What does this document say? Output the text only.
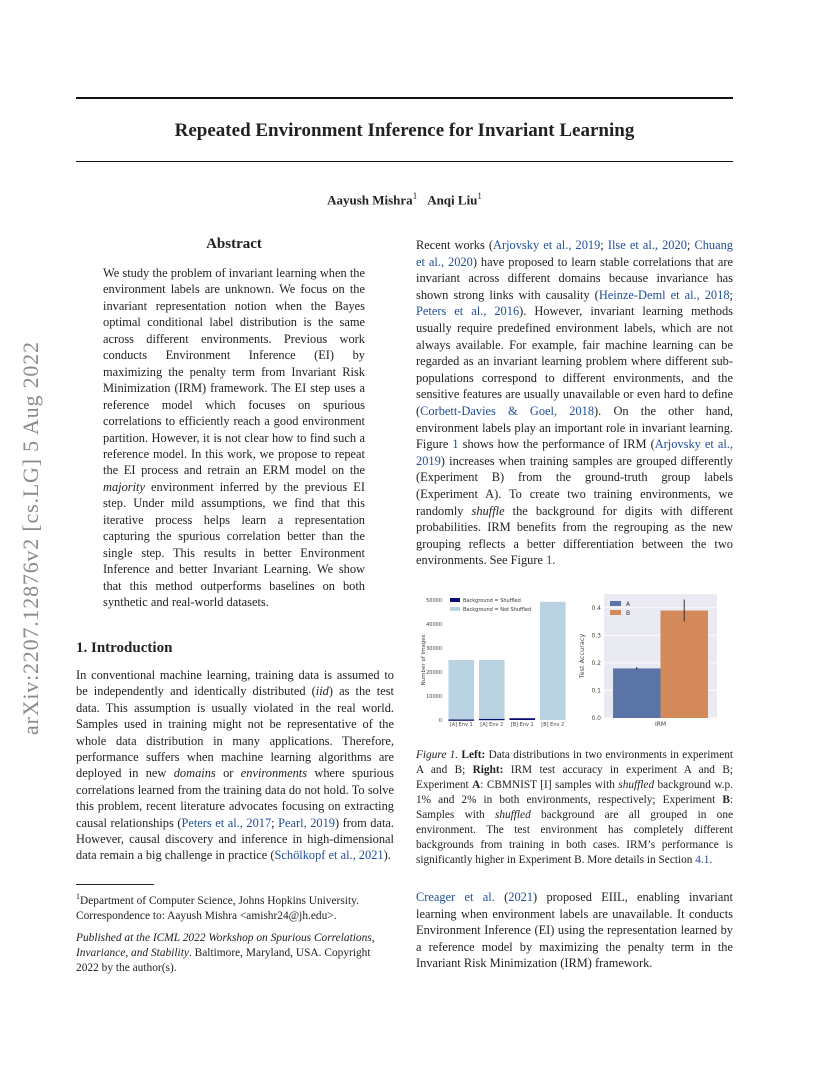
Repeated Environment Inference for Invariant Learning
Aayush Mishra$^1$ Anqi Liu$^1$
arXiv:2207.12876v2 [cs.LG] 5 Aug 2022
Abstract

We study the problem of invariant learning when the environment labels are unknown. We focus on the invariant representation notion when the Bayes optimal conditional label distribution is the same across different environments. Previous work conducts Environment Inference (EI) by maximizing the penalty term from Invariant Risk Minimization (IRM) framework. The EI step uses a reference model which focuses on spurious correlations to efficiently reach a good environment partition. However, it is not clear how to find such a reference model. In this work, we propose to repeat the EI process and retrain an ERM model on the majority environment inferred by the previous EI step. Under mild assumptions, we find that this iterative process helps learn a representation capturing the spurious correlation better than the single step. This results in better Environment Inference and better Invariant Learning. We show that this method outperforms baselines on both synthetic and real-world datasets.

1. Introduction

In conventional machine learning, training data is assumed to be independently and identically distributed (iid) as the test data. This assumption is usually violated in the real world. Samples used in training might not be representative of the whole data distribution in many applications. Therefore, performance suffers when machine learning algorithms are deployed in new domains or environments where spurious correlations learned from the training data do not hold. To solve this problem, recent literature advocates focusing on extracting causal relationships (Peters et al., 2017; Pearl, 2019) from data. However, causal discovery and inference in high-dimensional data remain a big challenge in practice (Schölkopf et al., 2021).

$^1$Department of Computer Science, Johns Hopkins University. Correspondence to: Aayush Mishra <amishr24@jh.edu>.

Published at the ICML 2022 Workshop on Spurious Correlations, Invariance, and Stability. Baltimore, Maryland, USA. Copyright 2022 by the author(s).

Recent works (Arjovsky et al., 2019; Ilse et al., 2020; Chuang et al., 2020) have proposed to learn stable correlations that are invariant across different domains because invariance has shown strong links with causality (Heinze-Deml et al., 2018; Peters et al., 2016). However, invariant learning methods usually require predefined environment labels, which are not always available. For example, fair machine learning can be regarded as an invariant learning problem where different sub-populations correspond to different environments, and the sensitive features are usually unavailable or even hard to define (Corbett-Davies & Goel, 2018). On the other hand, environment labels play an important role in invariant learning. Figure 1 shows how the performance of IRM (Arjovsky et al., 2019) increases when training samples are grouped differently (Experiment B) from the ground-truth group labels (Experiment A). To create two training environments, we randomly shuffle the background for digits with different probabilities. IRM benefits from the regrouping as the new grouping reflects a better differentiation between the two environments. See Figure 1.

0
10000
20000
30000
40000
50000
Number of Images
[A] Env 1 [A] Env 2 [B] Env 1 [B] Env 2
Background = Shuffled
Background = Not Shuffled
0.0
0.1
0.2
0.3
0.4
Test Accuracy
IRM
A
B

Figure 1. Left: Data distributions in two environments in experiment A and B; Right: IRM test accuracy in experiment A and B; Experiment A: CBMNIST [I] samples with shuffled background w.p. 1% and 2% in both environments, respectively; Experiment B: Samples with shuffled background are all grouped in one environment. The test environment has completely different backgrounds from training in both cases. IRM’s performance is significantly higher in Experiment B. More details in Section 4.1.

Creager et al. (2021) proposed EIIL, enabling invariant learning when environment labels are unavailable. It conducts Environment Inference (EI) using the representation learned by a reference model by maximizing the penalty term in the Invariant Risk Minimization (IRM) framework.
